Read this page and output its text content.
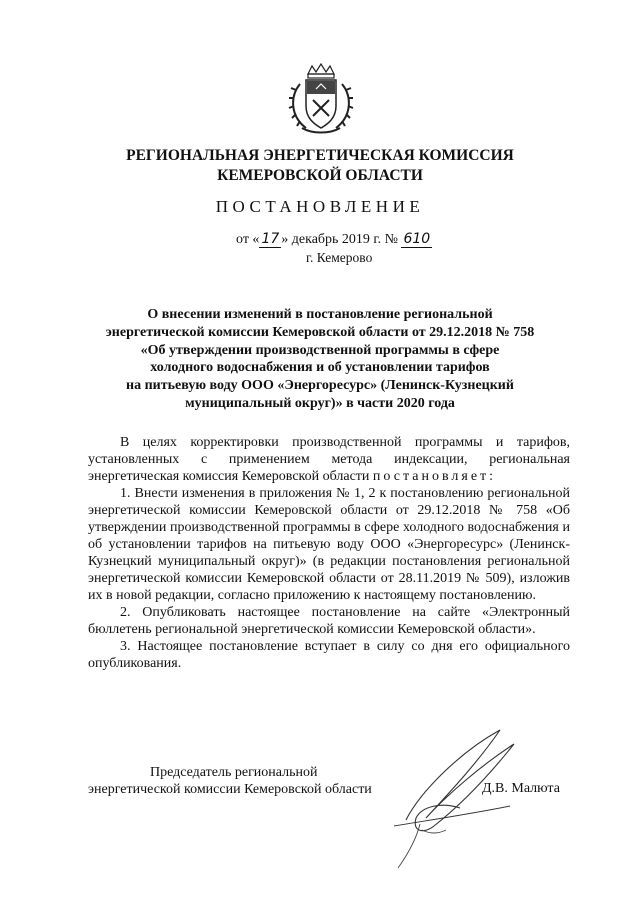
РЕГИОНАЛЬНАЯ ЭНЕРГЕТИЧЕСКАЯ КОМИССИЯ
КЕМЕРОВСКОЙ ОБЛАСТИ
ПОСТАНОВЛЕНИЕ
от « 17 » декабрь 2019 г. № 610
г. Кемерово
О внесении изменений в постановление региональной
энергетической комиссии Кемеровской области от 29.12.2018 № 758
«Об утверждении производственной программы в сфере
холодного водоснабжения и об установлении тарифов
на питьевую воду ООО «Энергоресурс» (Ленинск-Кузнецкий
муниципальный округ)» в части 2020 года

В целях корректировки производственной программы и тарифов, установленных с применением метода индексации, региональная энергетическая комиссия Кемеровской области постановляет:

1. Внести изменения в приложения № 1, 2 к постановлению региональной энергетической комиссии Кемеровской области от 29.12.2018 № 758 «Об утверждении производственной программы в сфере холодного водоснабжения и об установлении тарифов на питьевую воду ООО «Энергоресурс» (Ленинск-Кузнецкий муниципальный округ)» (в редакции постановления региональной энергетической комиссии Кемеровской области от 28.11.2019 № 509), изложив их в новой редакции, согласно приложению к настоящему постановлению.

2. Опубликовать настоящее постановление на сайте «Электронный бюллетень региональной энергетической комиссии Кемеровской области».

3. Настоящее постановление вступает в силу со дня его официального опубликования.

Председатель региональной
энергетической комиссии Кемеровской области	Д.В. Малюта
